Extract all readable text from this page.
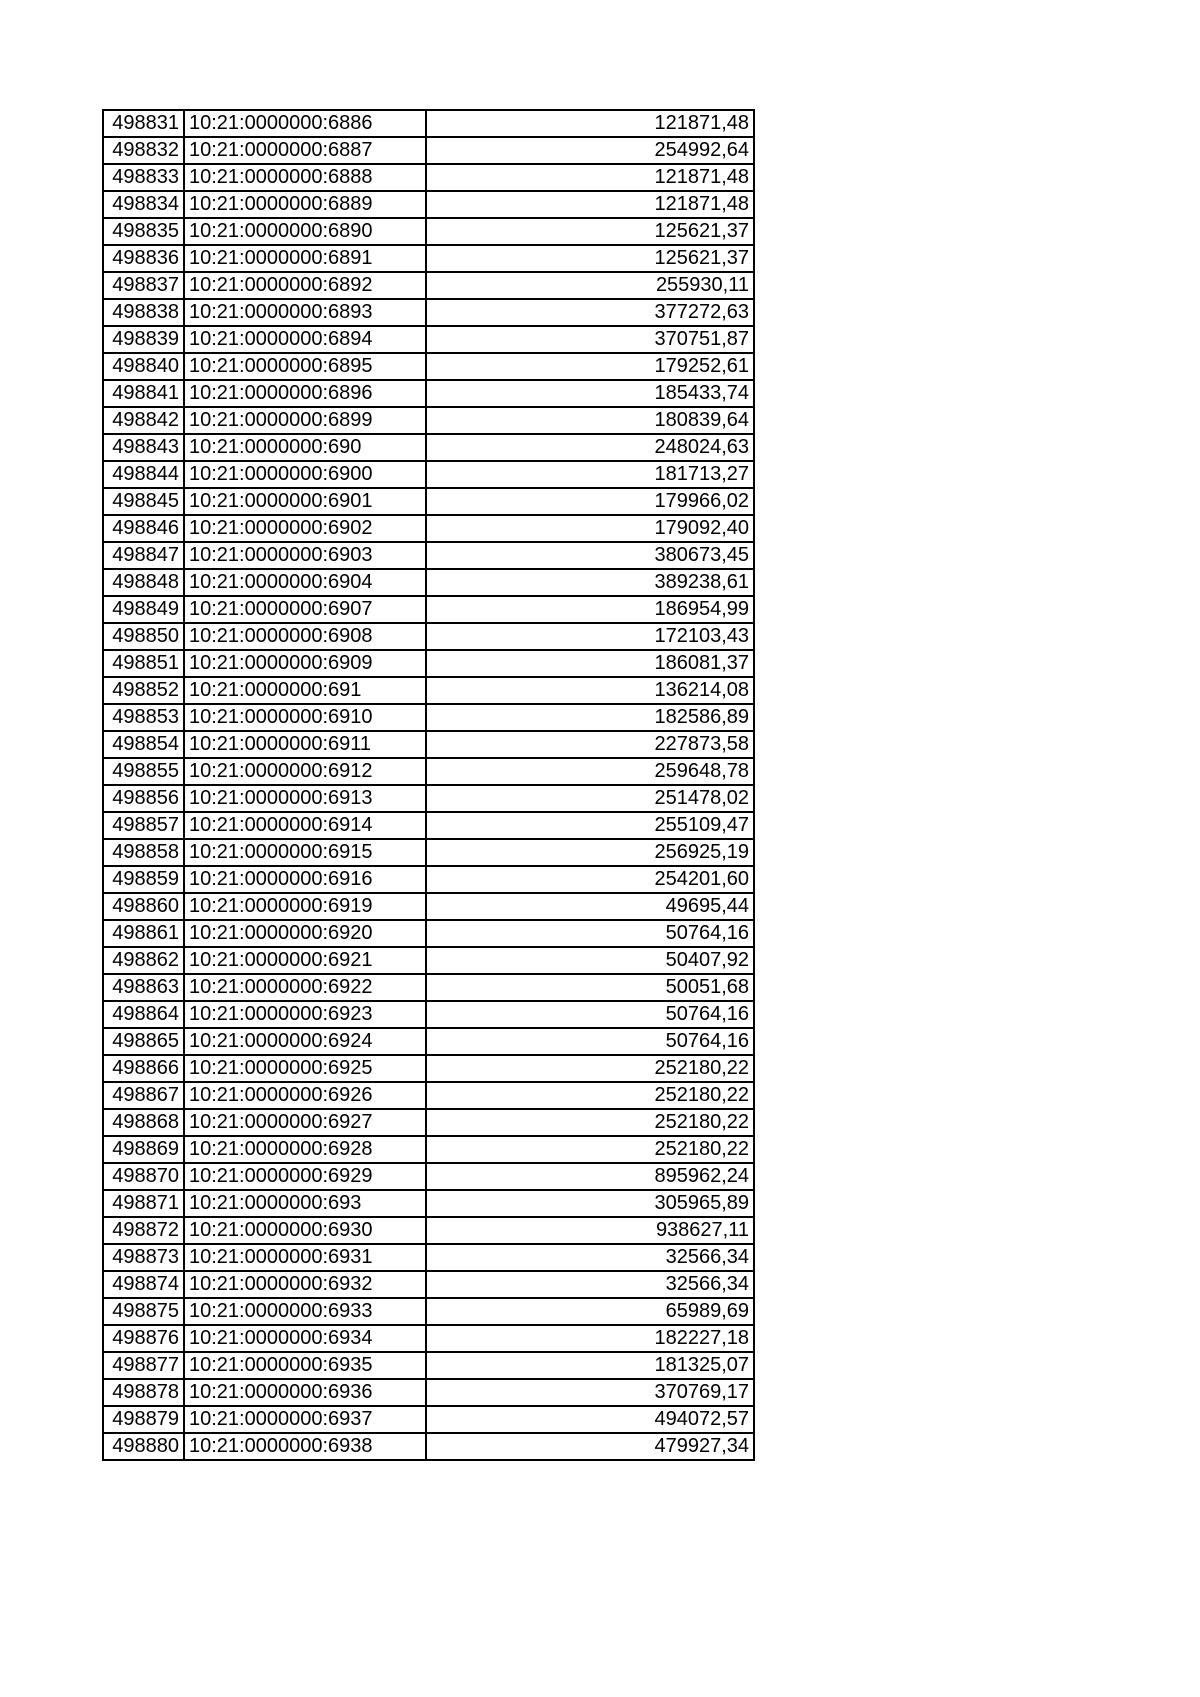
498831	10:21:0000000:6886	121871,48
498832	10:21:0000000:6887	254992,64
498833	10:21:0000000:6888	121871,48
498834	10:21:0000000:6889	121871,48
498835	10:21:0000000:6890	125621,37
498836	10:21:0000000:6891	125621,37
498837	10:21:0000000:6892	255930,11
498838	10:21:0000000:6893	377272,63
498839	10:21:0000000:6894	370751,87
498840	10:21:0000000:6895	179252,61
498841	10:21:0000000:6896	185433,74
498842	10:21:0000000:6899	180839,64
498843	10:21:0000000:690	248024,63
498844	10:21:0000000:6900	181713,27
498845	10:21:0000000:6901	179966,02
498846	10:21:0000000:6902	179092,40
498847	10:21:0000000:6903	380673,45
498848	10:21:0000000:6904	389238,61
498849	10:21:0000000:6907	186954,99
498850	10:21:0000000:6908	172103,43
498851	10:21:0000000:6909	186081,37
498852	10:21:0000000:691	136214,08
498853	10:21:0000000:6910	182586,89
498854	10:21:0000000:6911	227873,58
498855	10:21:0000000:6912	259648,78
498856	10:21:0000000:6913	251478,02
498857	10:21:0000000:6914	255109,47
498858	10:21:0000000:6915	256925,19
498859	10:21:0000000:6916	254201,60
498860	10:21:0000000:6919	49695,44
498861	10:21:0000000:6920	50764,16
498862	10:21:0000000:6921	50407,92
498863	10:21:0000000:6922	50051,68
498864	10:21:0000000:6923	50764,16
498865	10:21:0000000:6924	50764,16
498866	10:21:0000000:6925	252180,22
498867	10:21:0000000:6926	252180,22
498868	10:21:0000000:6927	252180,22
498869	10:21:0000000:6928	252180,22
498870	10:21:0000000:6929	895962,24
498871	10:21:0000000:693	305965,89
498872	10:21:0000000:6930	938627,11
498873	10:21:0000000:6931	32566,34
498874	10:21:0000000:6932	32566,34
498875	10:21:0000000:6933	65989,69
498876	10:21:0000000:6934	182227,18
498877	10:21:0000000:6935	181325,07
498878	10:21:0000000:6936	370769,17
498879	10:21:0000000:6937	494072,57
498880	10:21:0000000:6938	479927,34
